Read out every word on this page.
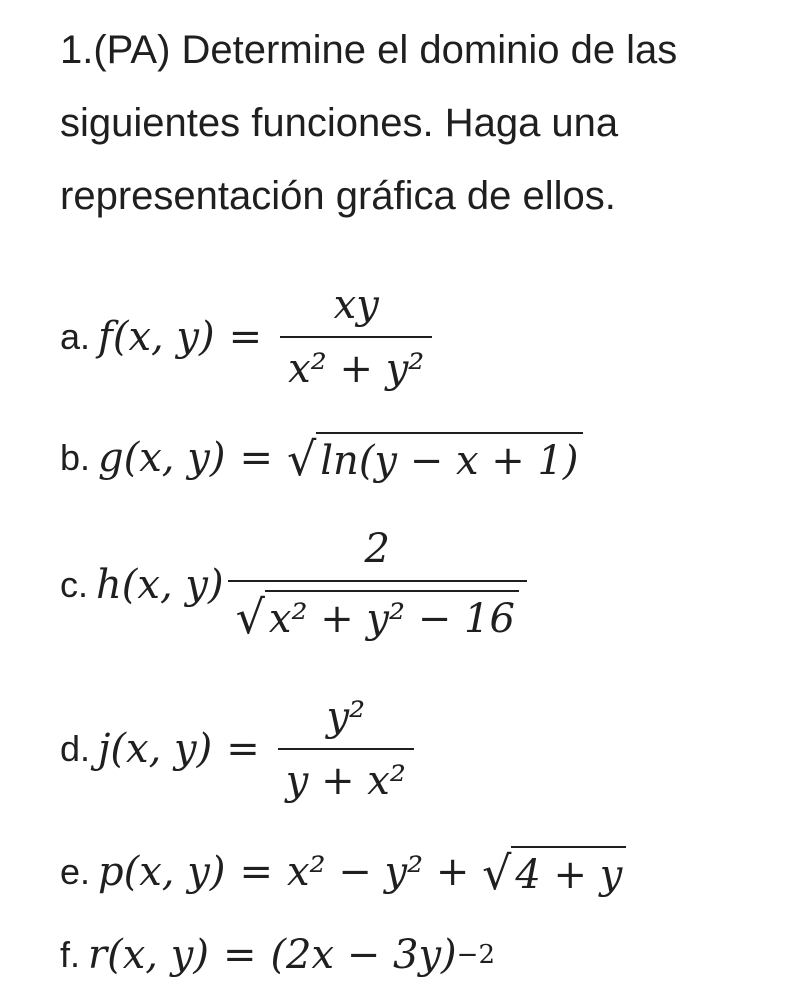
1.(PA) Determine el dominio de las
siguientes funciones. Haga una
representación gráfica de ellos.
a. f(x, $y) = \frac{xy}{\text{x² + y²}}$
b. g(x, y) = √ ln(y − x + 1)
c. h(x, $y) \frac{2}{\text{√ x² + y² − 16}}$
d. j(x, $y) = \frac{\text{y²}}{\text{y + x²}}$
e. p(x, y) = x² − y² + √ 4 + y
f. r(x, y) = (2x − 3y) −2
